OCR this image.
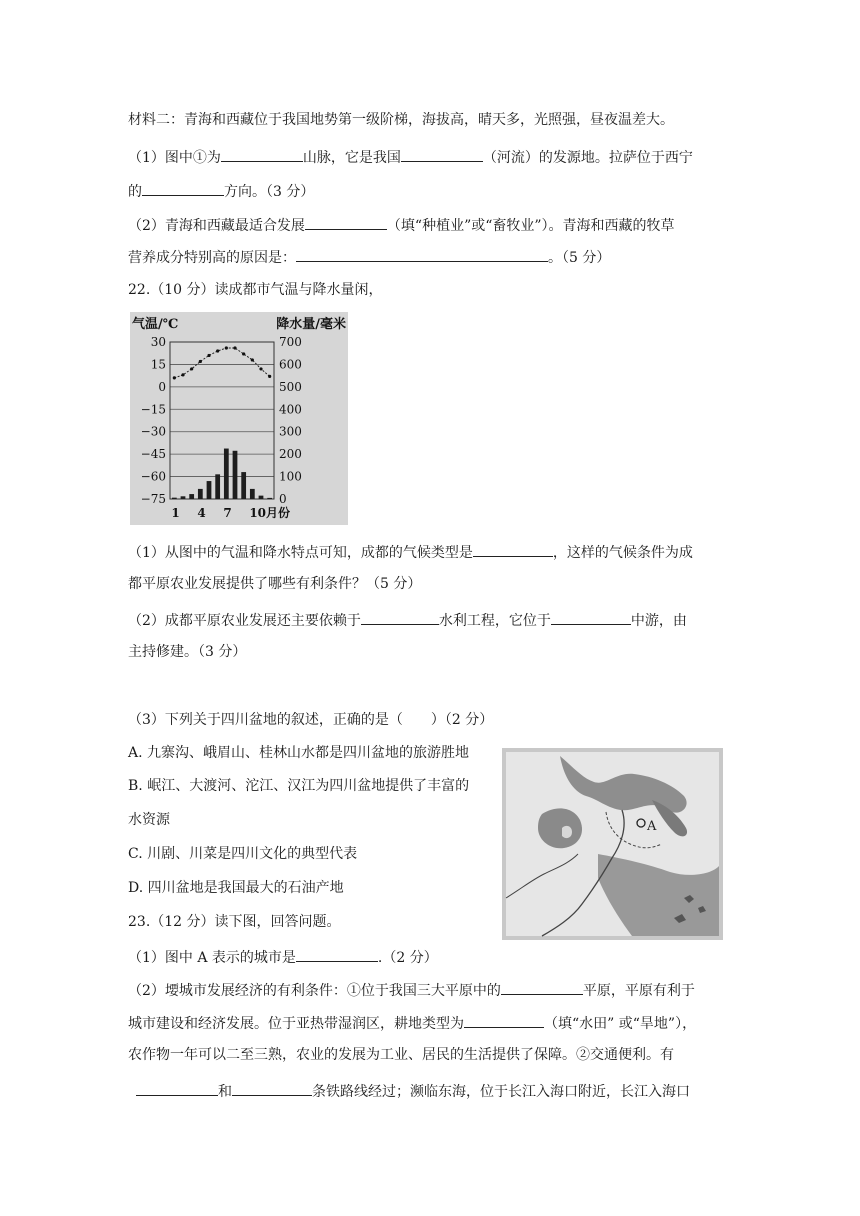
材料二：青海和西藏位于我国地势第一级阶梯，海拔高，晴天多，光照强，昼夜温差大。
（1）图中①为	山脉，它是我国	（河流）的发源地。拉萨位于西宁
的	方向。（3 分）
（2）青海和西藏最适合发展	（填“种植业”或“畜牧业”）。青海和西藏的牧草
营养成分特别高的原因是：	。（5 分）
22.（10 分）读成都市气温与降水量闲，
气温/℃	降水量/毫米
30
15
0
−15
−30
−45
−60
−75
700
600
500
400
300
200
100
0
1 4 7 10月份
（1）从图中的气温和降水特点可知，成都的气候类型是	，这样的气候条件为成
都平原农业发展提供了哪些有利条件？（5 分）
（2）成都平原农业发展还主要依赖于	水利工程，它位于	中游，由
主持修建。（3 分）
（3）下列关于四川盆地的叙述，正确的是（　　）（2 分）
A. 九寨沟、峨眉山、桂林山水都是四川盆地的旅游胜地
B. 岷江、大渡河、沱江、汉江为四川盆地提供了丰富的
水资源
C. 川剧、川菜是四川文化的典型代表
D. 四川盆地是我国最大的石油产地
A
23.（12 分）读下图，回答问题。
（1）图中 A 表示的城市是	.（2 分）
（2）㙘城市发展经济的有利条件：①位于我国三大平原中的	平原，平原有利于
城市建设和经济发展。位于亚热带湿润区，耕地类型为	（填“水田” 或“旱地”），
农作物一年可以二至三熟，农业的发展为工业、居民的生活提供了保障。②交通便利。有
和	条铁路线经过；濒临东海，位于长江入海口附近，长江入海口
